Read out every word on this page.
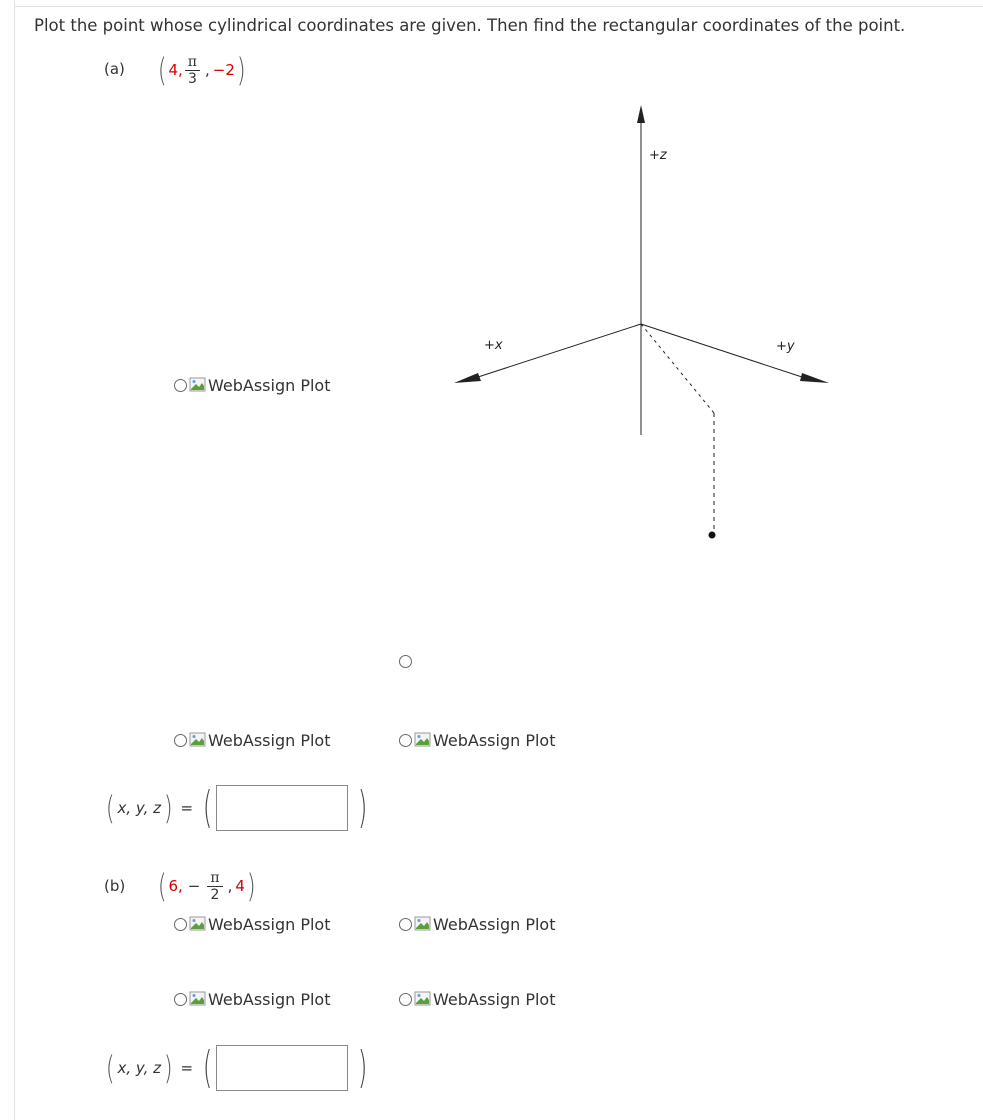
Plot the point whose cylindrical coordinates are given. Then find the rectangular coordinates of the point.
(a) ( 4, $\frac{\pi}{3}$ , −2 )
WebAssign Plot
+z
+x	+y
WebAssign Plot	WebAssign Plot
( x, y, z ) = (	)
(b) ( 6, − $\frac{\pi}{2}$ , 4 )
WebAssign Plot	WebAssign Plot
WebAssign Plot	WebAssign Plot
( x, y, z ) = (	)
